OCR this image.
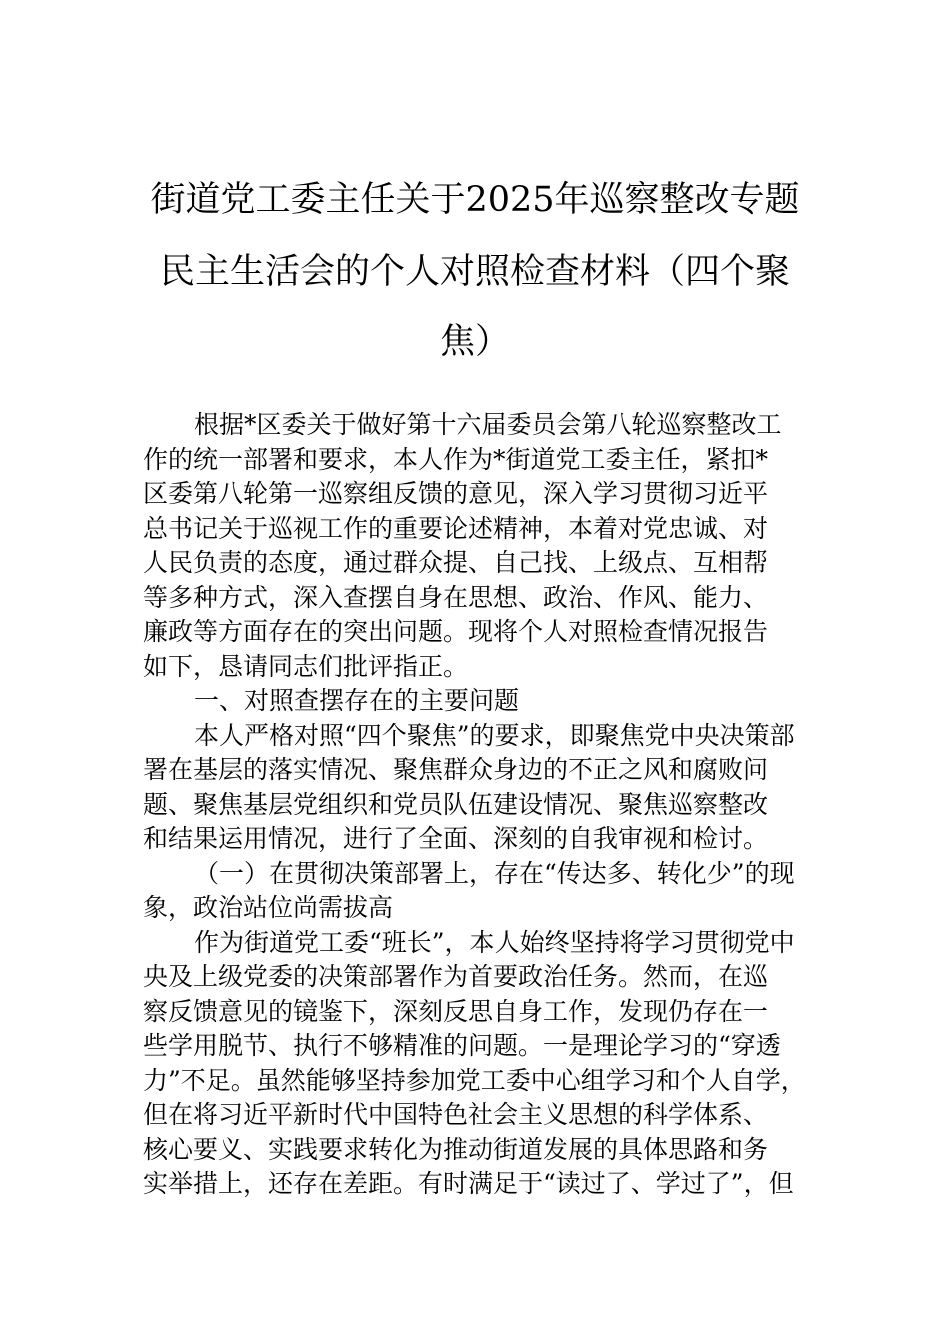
街道党工委主任关于2025年巡察整改专题
民主生活会的个人对照检查材料（四个聚
焦）
根据*区委关于做好第十六届委员会第八轮巡察整改工
作的统一部署和要求，本人作为*街道党工委主任，紧扣*
区委第八轮第一巡察组反馈的意见，深入学习贯彻习近平
总书记关于巡视工作的重要论述精神，本着对党忠诚、对
人民负责的态度，通过群众提、自己找、上级点、互相帮
等多种方式，深入查摆自身在思想、政治、作风、能力、
廉政等方面存在的突出问题。现将个人对照检查情况报告
如下，恳请同志们批评指正。
一、对照查摆存在的主要问题
本人严格对照“四个聚焦”的要求，即聚焦党中央决策部
署在基层的落实情况、聚焦群众身边的不正之风和腐败问
题、聚焦基层党组织和党员队伍建设情况、聚焦巡察整改
和结果运用情况，进行了全面、深刻的自我审视和检讨。
（一）在贯彻决策部署上，存在“传达多、转化少”的现
象，政治站位尚需拔高
作为街道党工委“班长”，本人始终坚持将学习贯彻党中
央及上级党委的决策部署作为首要政治任务。然而，在巡
察反馈意见的镜鉴下，深刻反思自身工作，发现仍存在一
些学用脱节、执行不够精准的问题。一是理论学习的“穿透
力”不足。虽然能够坚持参加党工委中心组学习和个人自学，
但在将习近平新时代中国特色社会主义思想的科学体系、
核心要义、实践要求转化为推动街道发展的具体思路和务
实举措上，还存在差距。有时满足于“读过了、学过了”，但
